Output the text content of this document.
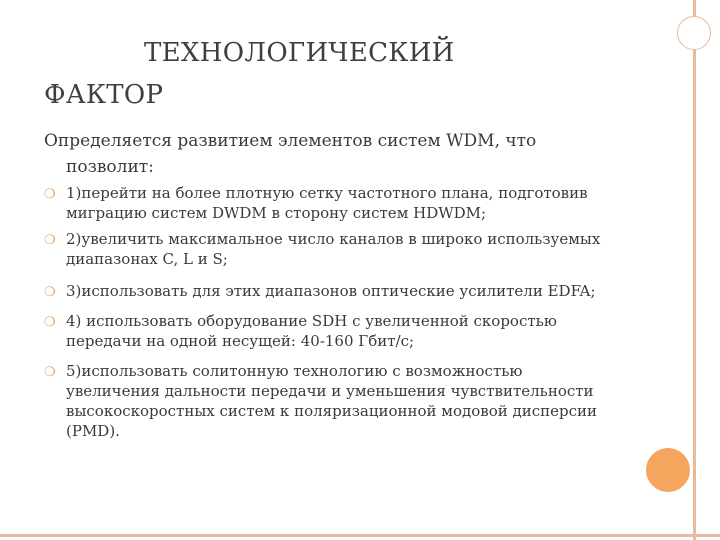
ТЕХНОЛОГИЧЕСКИЙ
ФАКТОР
Определяется развитием элементов систем WDM, что
позволит:
❍ 1)перейти на более плотную сетку частотного плана, подготовив
миграцию систем DWDM в сторону систем HDWDM;
❍ 2)увеличить максимальное число каналов в широко используемых
диапазонах C, L и S;
❍ 3)использовать для этих диапазонов оптические усилители EDFA;
❍ 4) использовать оборудование SDH с увеличенной скоростью
передачи на одной несущей: 40-160 Гбит/с;
❍ 5)использовать солитонную технологию с возможностью
увеличения дальности передачи и уменьшения чувствительности
высокоскоростных систем к поляризационной модовой дисперсии
(PMD).
